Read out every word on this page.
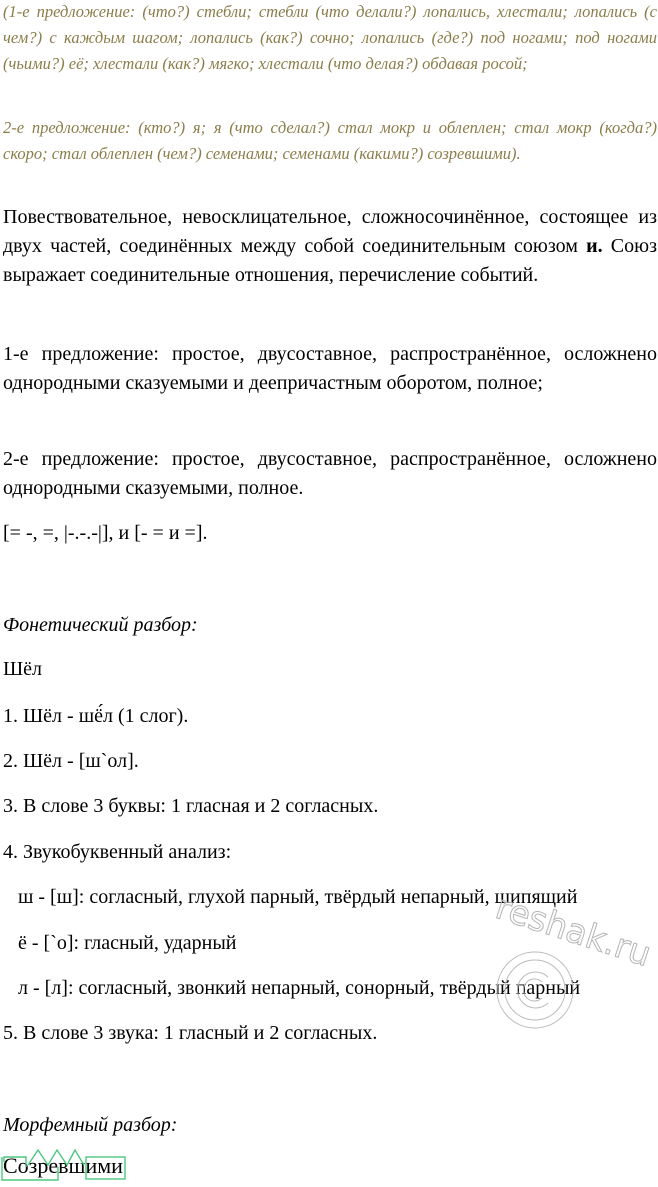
(1-е предложение: (что?) стебли; стебли (что делали?) лопались, хлестали; лопались (с чем?) с каждым шагом; лопались (как?) сочно; лопались (где?) под ногами; под ногами (чьими?) её; хлестали (как?) мягко; хлестали (что делая?) обдавая росой;

2-е предложение: (кто?) я; я (что сделал?) стал мокр и облеплен; стал мокр (когда?) скоро; стал облеплен (чем?) семенами; семенами (какими?) созревшими).

Повествовательное, невосклицательное, сложносочинённое, состоящее из двух частей, соединённых между собой соединительным союзом и. Союз выражает соединительные отношения, перечисление событий.

1-е предложение: простое, двусоставное, распространённое, осложнено однородными сказуемыми и деепричастным оборотом, полное;

2-е предложение: простое, двусоставное, распространённое, осложнено однородными сказуемыми, полное.

[= -, =, |-.-.-|], и [- = и =].

Фонетический разбор:

Шёл

1. Шёл - шё́л (1 слог).

2. Шёл - [ш`ол].

3. В слове 3 буквы: 1 гласная и 2 согласных.

4. Звукобуквенный анализ:

ш - [ш]: согласный, глухой парный, твёрдый непарный, шипящий

ё - [`о]: гласный, ударный

л - [л]: согласный, звонкий непарный, сонорный, твёрдый парный

5. В слове 3 звука: 1 гласный и 2 согласных.

Морфемный разбор:

Созревшими
reshak.ru
